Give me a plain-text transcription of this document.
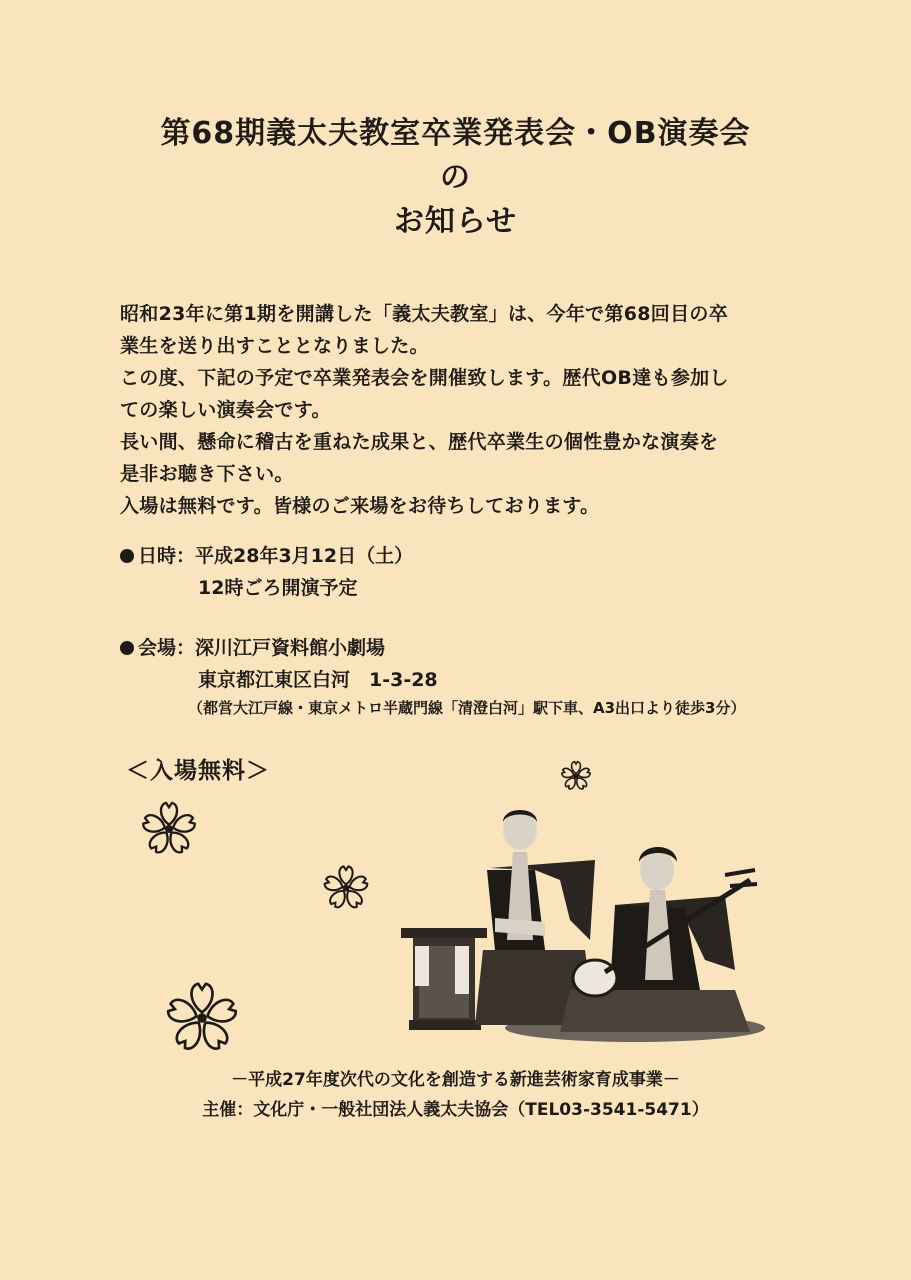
第68期義太夫教室卒業発表会・OB演奏会
の
お知らせ
昭和23年に第1期を開講した「義太夫教室」は、今年で第68回目の卒
業生を送り出すこととなりました。
この度、下記の予定で卒業発表会を開催致します。歴代OB達も参加し
ての楽しい演奏会です。
長い間、懸命に稽古を重ねた成果と、歴代卒業生の個性豊かな演奏を
是非お聴き下さい。
入場は無料です。皆様のご来場をお待ちしております。
日時：平成28年3月12日（土）
12時ごろ開演予定
会場：深川江戸資料館小劇場
東京都江東区白河　1-3-28
（都営大江戸線・東京メトロ半蔵門線「清澄白河」駅下車、A3出口より徒歩3分）
＜入場無料＞
－平成27年度次代の文化を創造する新進芸術家育成事業－
主催：文化庁・一般社団法人義太夫協会（TEL03-3541-5471）
